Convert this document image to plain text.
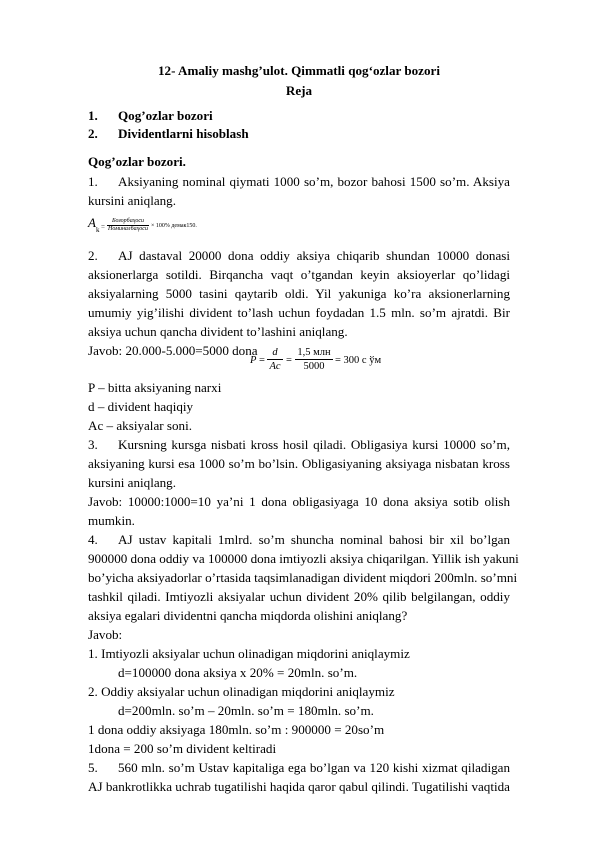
12- Amaliy mashg’ulot. Qimmatli qog‘ozlar bozori
Reja
1. Qog’ozlar bozori
2. Dividentlarni hisoblash
Qog’ozlar bozori.
1. Aksiyaning nominal qiymati 1000 so’m, bozor bahosi 1500 so’m. Aksiya
kursini aniqlang.
A k =
Бозорбаҳоси
Номиналбаҳоси × 100% демак150.
2. AJ dastaval 20000 dona oddiy aksiya chiqarib shundan 10000 donasi
aksionerlarga sotildi. Birqancha vaqt o’tgandan keyin aksioyerlar qo’lidagi
aksiyalarning 5000 tasini qaytarib oldi. Yil yakuniga ko’ra aksionerlarning
umumiy yig’ilishi divident to’lash uchun foydadan 1.5 mln. so’m ajratdi. Bir
aksiya uchun qancha divident to’lashini aniqlang.
Javob: 20.000-5.000=5000 dona
$P = \frac{d}{Ac}$ =
1,5 млн
5000
= 300 с ўм
P – bitta aksiyaning narxi
d – divident haqiqiy
Ac – aksiyalar soni.
3. Kursning kursga nisbati kross hosil qiladi. Obligasiya kursi 10000 so’m,
aksiyaning kursi esa 1000 so’m bo’lsin. Obligasiyaning aksiyaga nisbatan kross
kursini aniqlang.
Javob: 10000:1000=10 ya’ni 1 dona obligasiyaga 10 dona aksiya sotib olish
mumkin.
4. AJ ustav kapitali 1mlrd. so’m shuncha nominal bahosi bir xil bo’lgan
900000 dona oddiy va 100000 dona imtiyozli aksiya chiqarilgan. Yillik ish yakuni
bo’yicha aksiyadorlar o’rtasida taqsimlanadigan divident miqdori 200mln. so’mni
tashkil qiladi. Imtiyozli aksiyalar uchun divident 20% qilib belgilangan, oddiy
aksiya egalari dividentni qancha miqdorda olishini aniqlang?
Javob:
1. Imtiyozli aksiyalar uchun olinadigan miqdorini aniqlaymiz
d=100000 dona aksiya x 20% = 20mln. so’m.
2. Oddiy aksiyalar uchun olinadigan miqdorini aniqlaymiz
d=200mln. so’m – 20mln. so’m = 180mln. so’m.
1 dona oddiy aksiyaga 180mln. so’m : 900000 = 20so’m
1dona = 200 so’m divident keltiradi
5. 560 mln. so’m Ustav kapitaliga ega bo’lgan va 120 kishi xizmat qiladigan
AJ bankrotlikka uchrab tugatilishi haqida qaror qabul qilindi. Tugatilishi vaqtida
